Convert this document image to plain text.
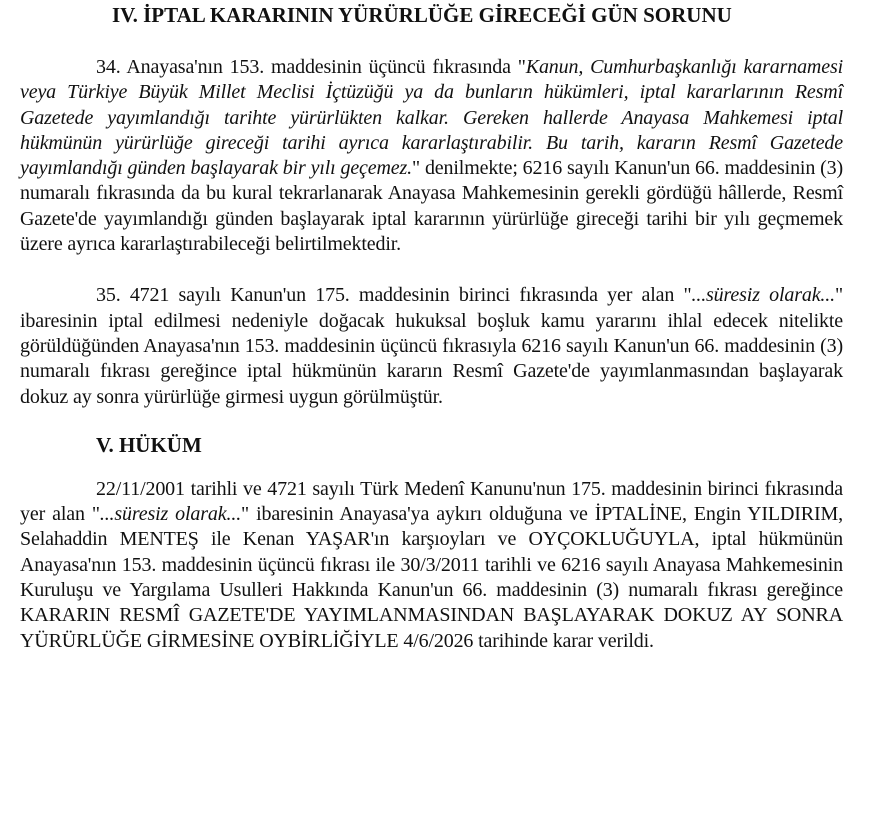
IV. İPTAL KARARININ YÜRÜRLÜĞE GİRECEĞİ GÜN SORUNU

34. Anayasa'nın 153. maddesinin üçüncü fıkrasında "Kanun, Cumhurbaşkanlığı kararnamesi veya Türkiye Büyük Millet Meclisi İçtüzüğü ya da bunların hükümleri, iptal kararlarının Resmî Gazetede yayımlandığı tarihte yürürlükten kalkar. Gereken hallerde Anayasa Mahkemesi iptal hükmünün yürürlüğe gireceği tarihi ayrıca kararlaştırabilir. Bu tarih, kararın Resmî Gazetede yayımlandığı günden başlayarak bir yılı geçemez." denilmekte; 6216 sayılı Kanun'un 66. maddesinin (3) numaralı fıkrasında da bu kural tekrarlanarak Anayasa Mahkemesinin gerekli gördüğü hâllerde, Resmî Gazete'de yayımlandığı günden başlayarak iptal kararının yürürlüğe gireceği tarihi bir yılı geçmemek üzere ayrıca kararlaştırabileceği belirtilmektedir.

35. 4721 sayılı Kanun'un 175. maddesinin birinci fıkrasında yer alan "...süresiz olarak..." ibaresinin iptal edilmesi nedeniyle doğacak hukuksal boşluk kamu yararını ihlal edecek nitelikte görüldüğünden Anayasa'nın 153. maddesinin üçüncü fıkrasıyla 6216 sayılı Kanun'un 66. maddesinin (3) numaralı fıkrası gereğince iptal hükmünün kararın Resmî Gazete'de yayımlanmasından başlayarak dokuz ay sonra yürürlüğe girmesi uygun görülmüştür.

V. HÜKÜM

22/11/2001 tarihli ve 4721 sayılı Türk Medenî Kanunu'nun 175. maddesinin birinci fıkrasında yer alan "...süresiz olarak..." ibaresinin Anayasa'ya aykırı olduğuna ve İPTALİNE, Engin YILDIRIM, Selahaddin MENTEŞ ile Kenan YAŞAR'ın karşıoyları ve OYÇOKLUĞUYLA, iptal hükmünün Anayasa'nın 153. maddesinin üçüncü fıkrası ile 30/3/2011 tarihli ve 6216 sayılı Anayasa Mahkemesinin Kuruluşu ve Yargılama Usulleri Hakkında Kanun'un 66. maddesinin (3) numaralı fıkrası gereğince KARARIN RESMÎ GAZETE'DE YAYIMLANMASINDAN BAŞLAYARAK DOKUZ AY SONRA YÜRÜRLÜĞE GİRMESİNE OYBİRLİĞİYLE 4/6/2026 tarihinde karar verildi.
